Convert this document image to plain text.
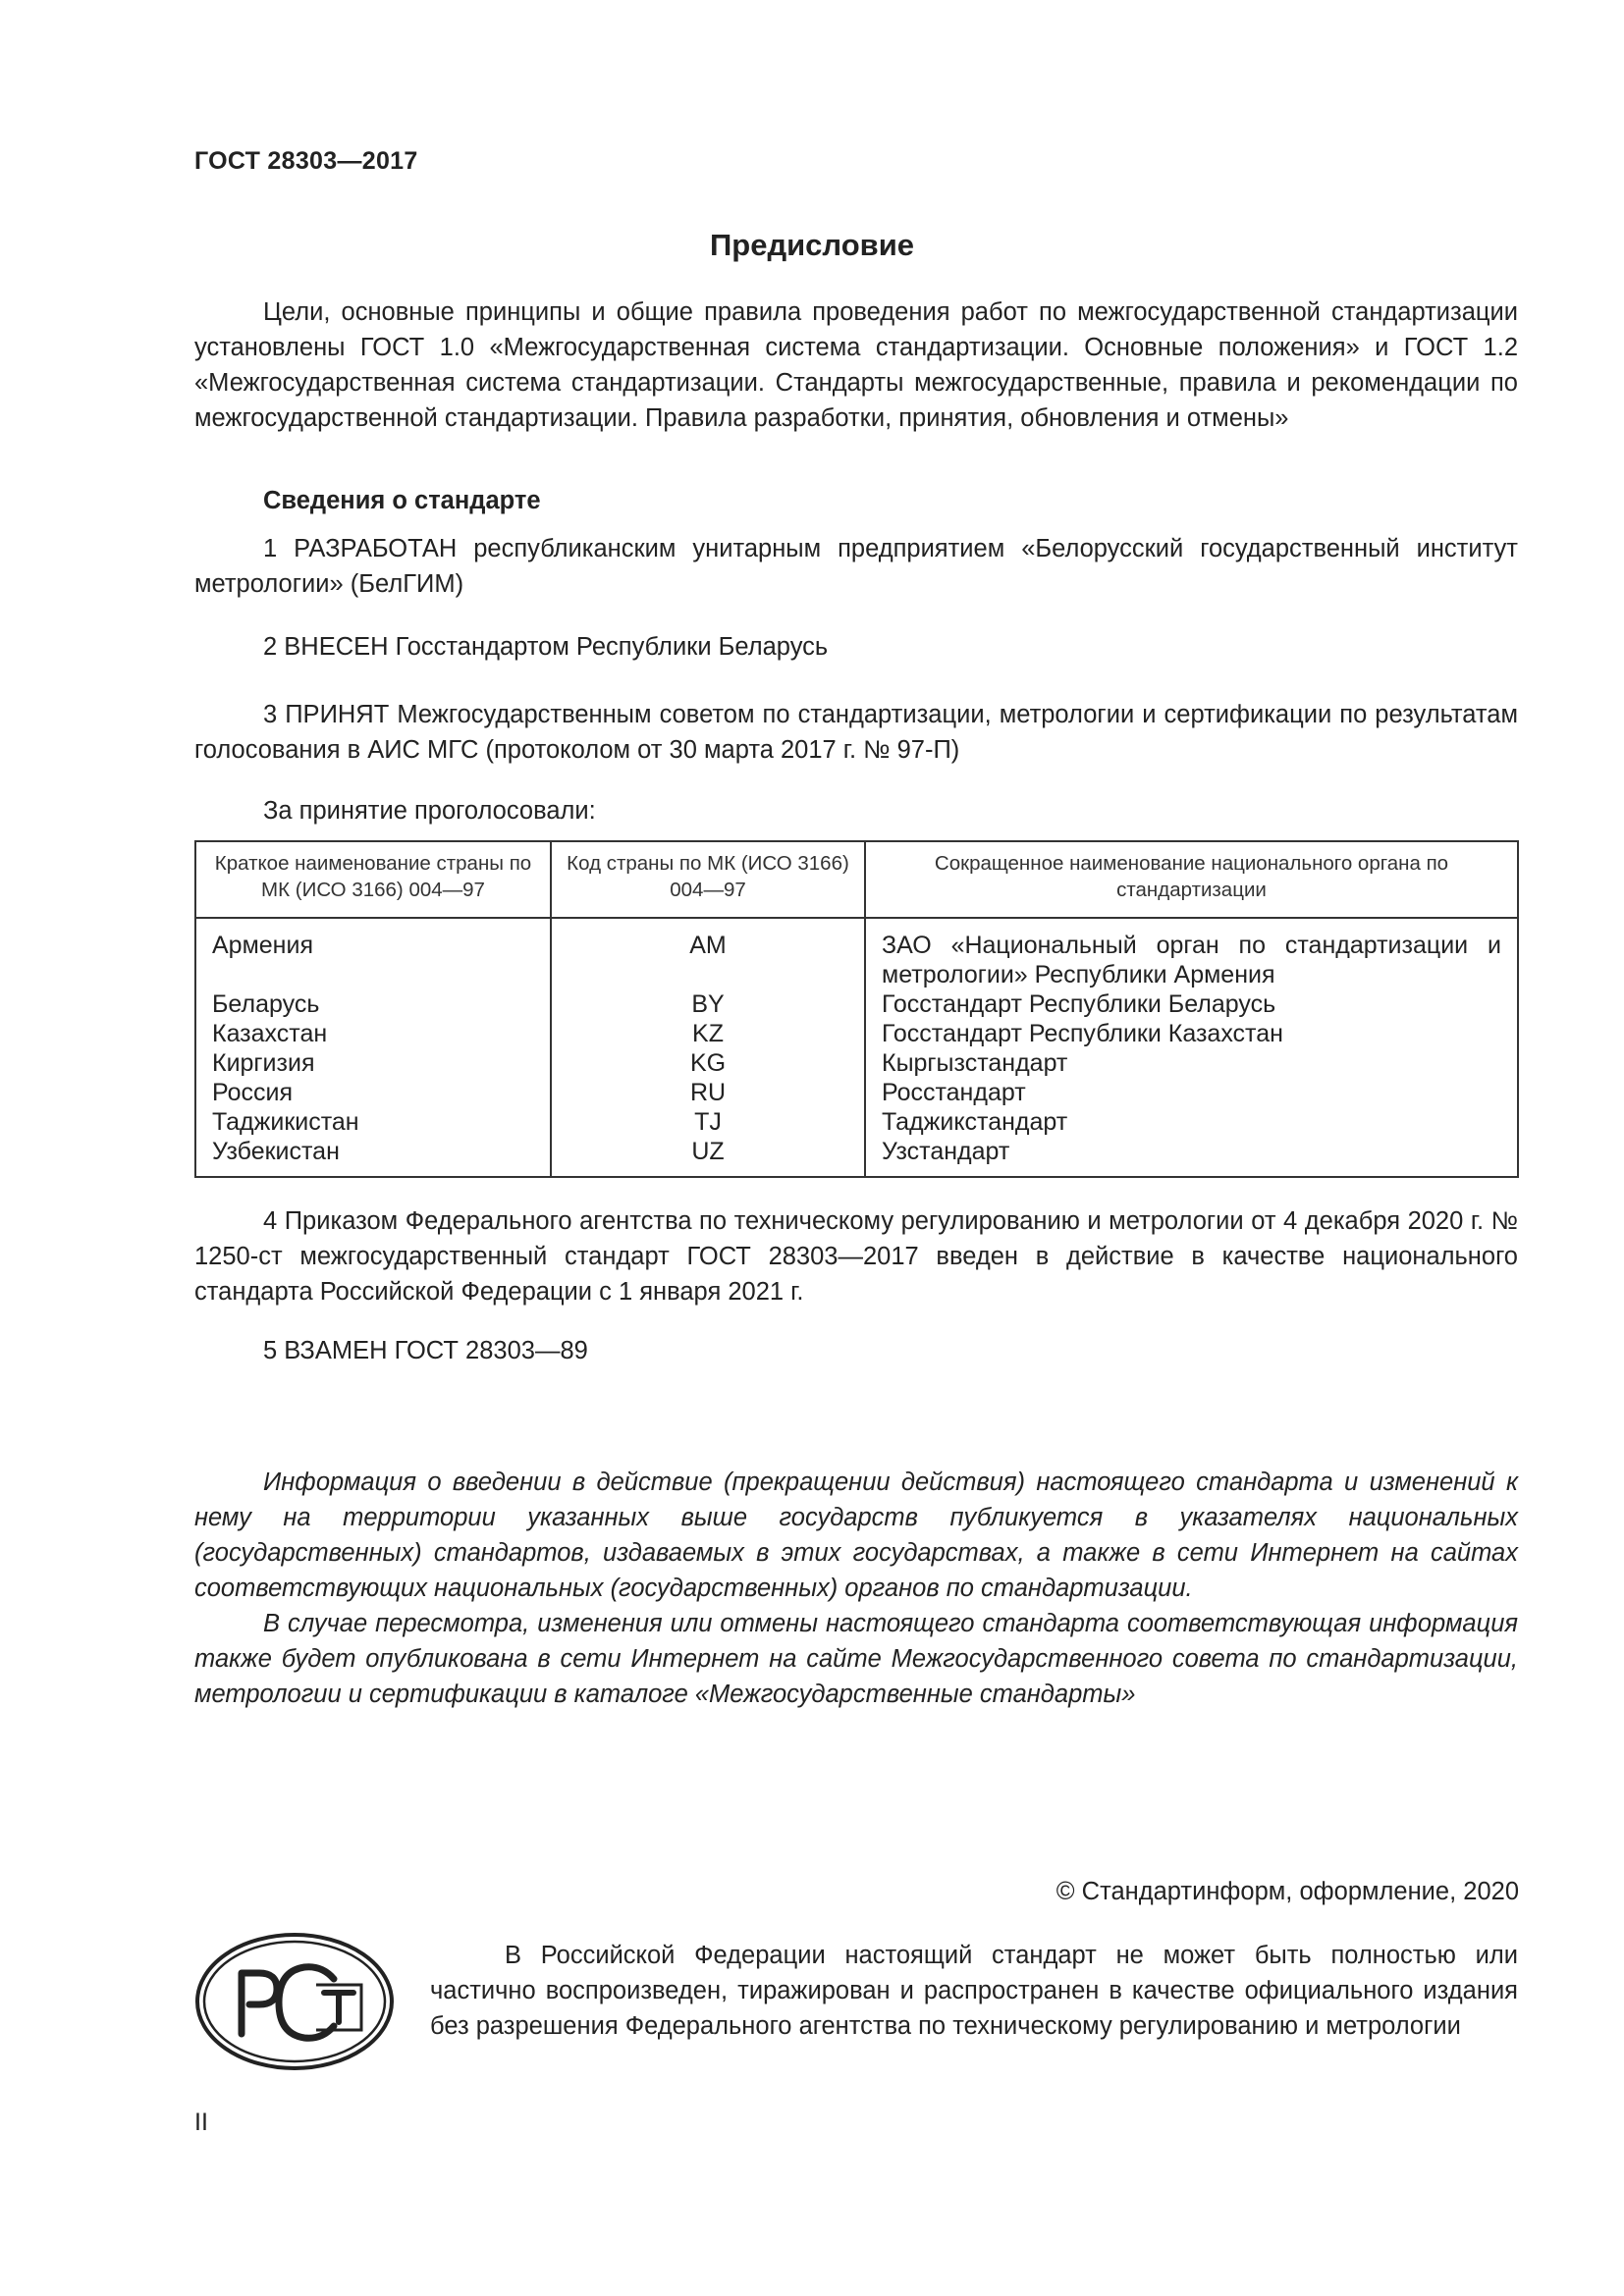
ГОСТ 28303—2017
Предисловие

Цели, основные принципы и общие правила проведения работ по межгосударственной стандартизации установлены ГОСТ 1.0 «Межгосударственная система стандартизации. Основные положения» и ГОСТ 1.2 «Межгосударственная система стандартизации. Стандарты межгосударственные, правила и рекомендации по межгосударственной стандартизации. Правила разработки, принятия, обновления и отмены»

Сведения о стандарте

1 РАЗРАБОТАН республиканским унитарным предприятием «Белорусский государственный институт метрологии» (БелГИМ)

2 ВНЕСЕН Госстандартом Республики Беларусь

3 ПРИНЯТ Межгосударственным советом по стандартизации, метрологии и сертификации по результатам голосования в АИС МГС (протоколом от 30 марта 2017 г. № 97-П)

За принятие проголосовали:

Краткое наименование страны по МК (ИСО 3166) 004—97	Код страны по МК (ИСО 3166) 004—97	Сокращенное наименование национального органа по стандартизации
Армения	AM	ЗАО «Национальный орган по стандартизации и метрологии» Республики Армения
Беларусь	BY	Госстандарт Республики Беларусь
Казахстан	KZ	Госстандарт Республики Казахстан
Киргизия	KG	Кыргызстандарт
Россия	RU	Росстандарт
Таджикистан	TJ	Таджикстандарт
Узбекистан	UZ	Узстандарт

4 Приказом Федерального агентства по техническому регулированию и метрологии от 4 декабря 2020 г. № 1250-ст межгосударственный стандарт ГОСТ 28303—2017 введен в действие в качестве национального стандарта Российской Федерации с 1 января 2021 г.

5 ВЗАМЕН ГОСТ 28303—89

Информация о введении в действие (прекращении действия) настоящего стандарта и изменений к нему на территории указанных выше государств публикуется в указателях национальных (государственных) стандартов, издаваемых в этих государствах, а также в сети Интернет на сайтах соответствующих национальных (государственных) органов по стандартизации.

В случае пересмотра, изменения или отмены настоящего стандарта соответствующая информация также будет опубликована в сети Интернет на сайте Межгосударственного совета по стандартизации, метрологии и сертификации в каталоге «Межгосударственные стандарты»

© Стандартинформ, оформление, 2020

В Российской Федерации настоящий стандарт не может быть полностью или частично воспроизведен, тиражирован и распространен в качестве официального издания без разрешения Федерального агентства по техническому регулированию и метрологии

II
